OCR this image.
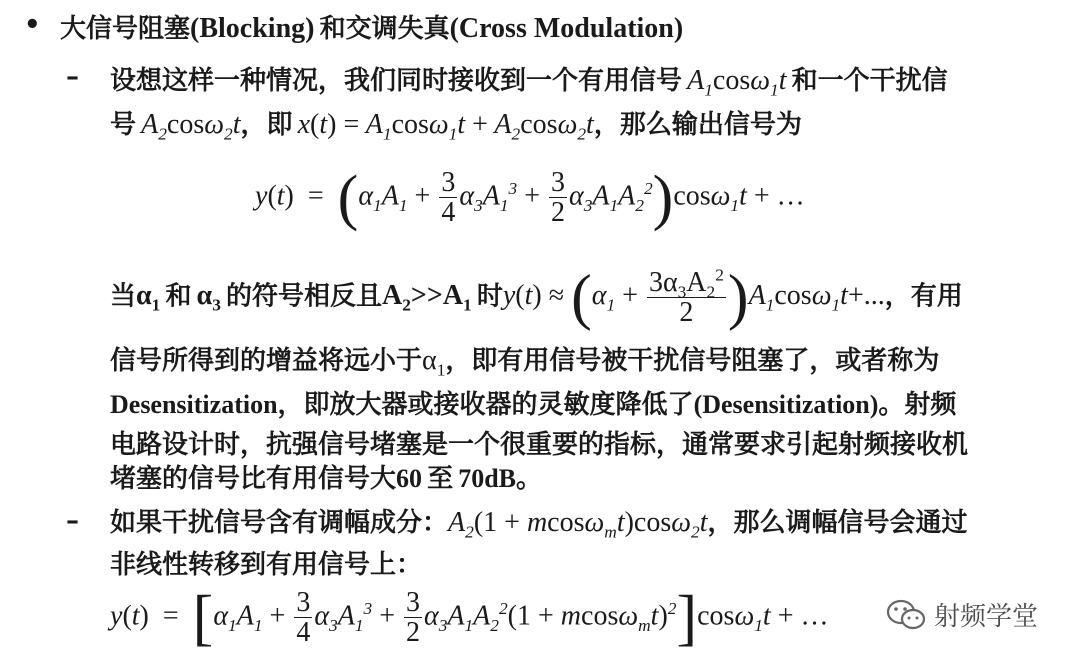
• 大信号阻塞(Blocking) 和交调失真(Cross Modulation)
– 设想这样一种情况，我们同时接收到一个有用信号 $A_1\cos\omega_1t$ 和一个干扰信
号 $A_2\cos\omega_2t$，即 $x(t) = A_1\cos\omega_1t + A_2\cos\omega_2t$，那么输出信号为
$y(t) = (\alpha_1A_1 + \frac{3}{4} \alpha_3A_1^3 + \frac{3}{2} \alpha_3A_1A_2^2)\cos\omega_1t$ + …
当$\alpha_1$ 和 $\alpha_3$ 的符号相反且$A_2>>A_1$ 时$y(t) \approx (\alpha_1 + \frac{3\alpha_3A_2^2}{2} )A_1\cos\omega_1t+$...，有用
信号所得到的增益将远小于$\alpha_1$，即有用信号被干扰信号阻塞了，或者称为
Desensitization，即放大器或接收器的灵敏度降低了(Desensitization)。射频
电路设计时，抗强信号堵塞是一个很重要的指标，通常要求引起射频接收机
堵塞的信号比有用信号大60 至 70dB。
– 如果干扰信号含有调幅成分：$A_2(1 + mcos\omega_mt)\cos\omega_2t$，那么调幅信号会通过
非线性转移到有用信号上：
$y(t) = [\alpha_1A_1 + \frac{3}{4} \alpha_3A_1^3 + \frac{3}{2} \alpha_3A_1A_2^2(1 + mcos\omega_mt)^2]\cos\omega_1t$ + …	射频学堂
